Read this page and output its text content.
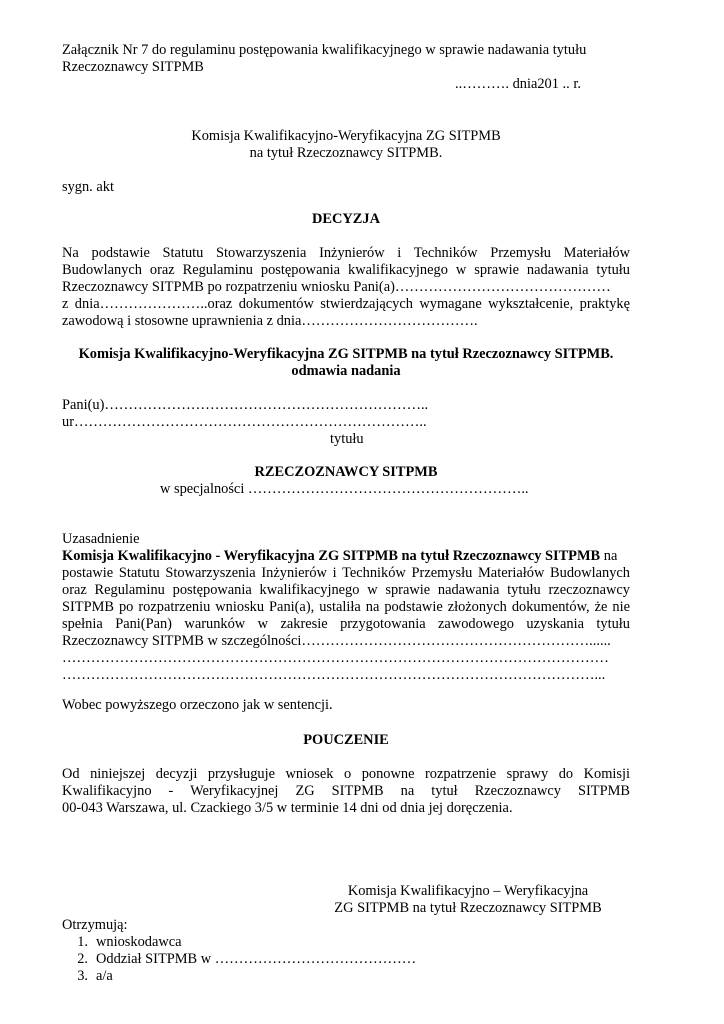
Załącznik Nr 7 do regulaminu postępowania kwalifikacyjnego w sprawie nadawania tytułu
Rzeczoznawcy SITPMB
..………. dnia201 .. r.
Komisja Kwalifikacyjno-Weryfikacyjna ZG SITPMB
na tytuł Rzeczoznawcy SITPMB.
sygn. akt
DECYZJA
Na podstawie Statutu Stowarzyszenia Inżynierów i Techników Przemysłu Materiałów
Budowlanych oraz Regulaminu postępowania kwalifikacyjnego w sprawie nadawania tytułu
Rzeczoznawcy SITPMB po rozpatrzeniu wniosku Pani(a)………………………………………
z dnia…………………..oraz dokumentów stwierdzających wymagane wykształcenie, praktykę
zawodową i stosowne uprawnienia z dnia……………………………….
Komisja Kwalifikacyjno-Weryfikacyjna ZG SITPMB na tytuł Rzeczoznawcy SITPMB.
odmawia nadania
Pani(u)…………………………………………………………..
ur………………………………………………………………..
tytułu
RZECZOZNAWCY SITPMB
w specjalności …………………………………………………..
Uzasadnienie
Komisja Kwalifikacyjno - Weryfikacyjna ZG SITPMB na tytuł Rzeczoznawcy SITPMB na
postawie Statutu Stowarzyszenia Inżynierów i Techników Przemysłu Materiałów Budowlanych
oraz Regulaminu postępowania kwalifikacyjnego w sprawie nadawania tytułu rzeczoznawcy
SITPMB po rozpatrzeniu wniosku Pani(a), ustaliła na podstawie złożonych dokumentów, że nie
spełnia Pani(Pan) warunków w zakresie przygotowania zawodowego uzyskania tytułu
Rzeczoznawcy SITPMB w szczególności……………………………………………………......
……………………………………………………………………………………………………
…………………………………………………………………………………………………...
Wobec powyższego orzeczono jak w sentencji.
POUCZENIE
Od niniejszej decyzji przysługuje wniosek o ponowne rozpatrzenie sprawy do Komisji
Kwalifikacyjno - Weryfikacyjnej ZG SITPMB na tytuł Rzeczoznawcy SITPMB
00-043 Warszawa, ul. Czackiego 3/5 w terminie 14 dni od dnia jej doręczenia.
Komisja Kwalifikacyjno – Weryfikacyjna
ZG SITPMB na tytuł Rzeczoznawcy SITPMB
Otrzymują:
1. wnioskodawca
2. Oddział SITPMB w ……………………………………
3. a/a
